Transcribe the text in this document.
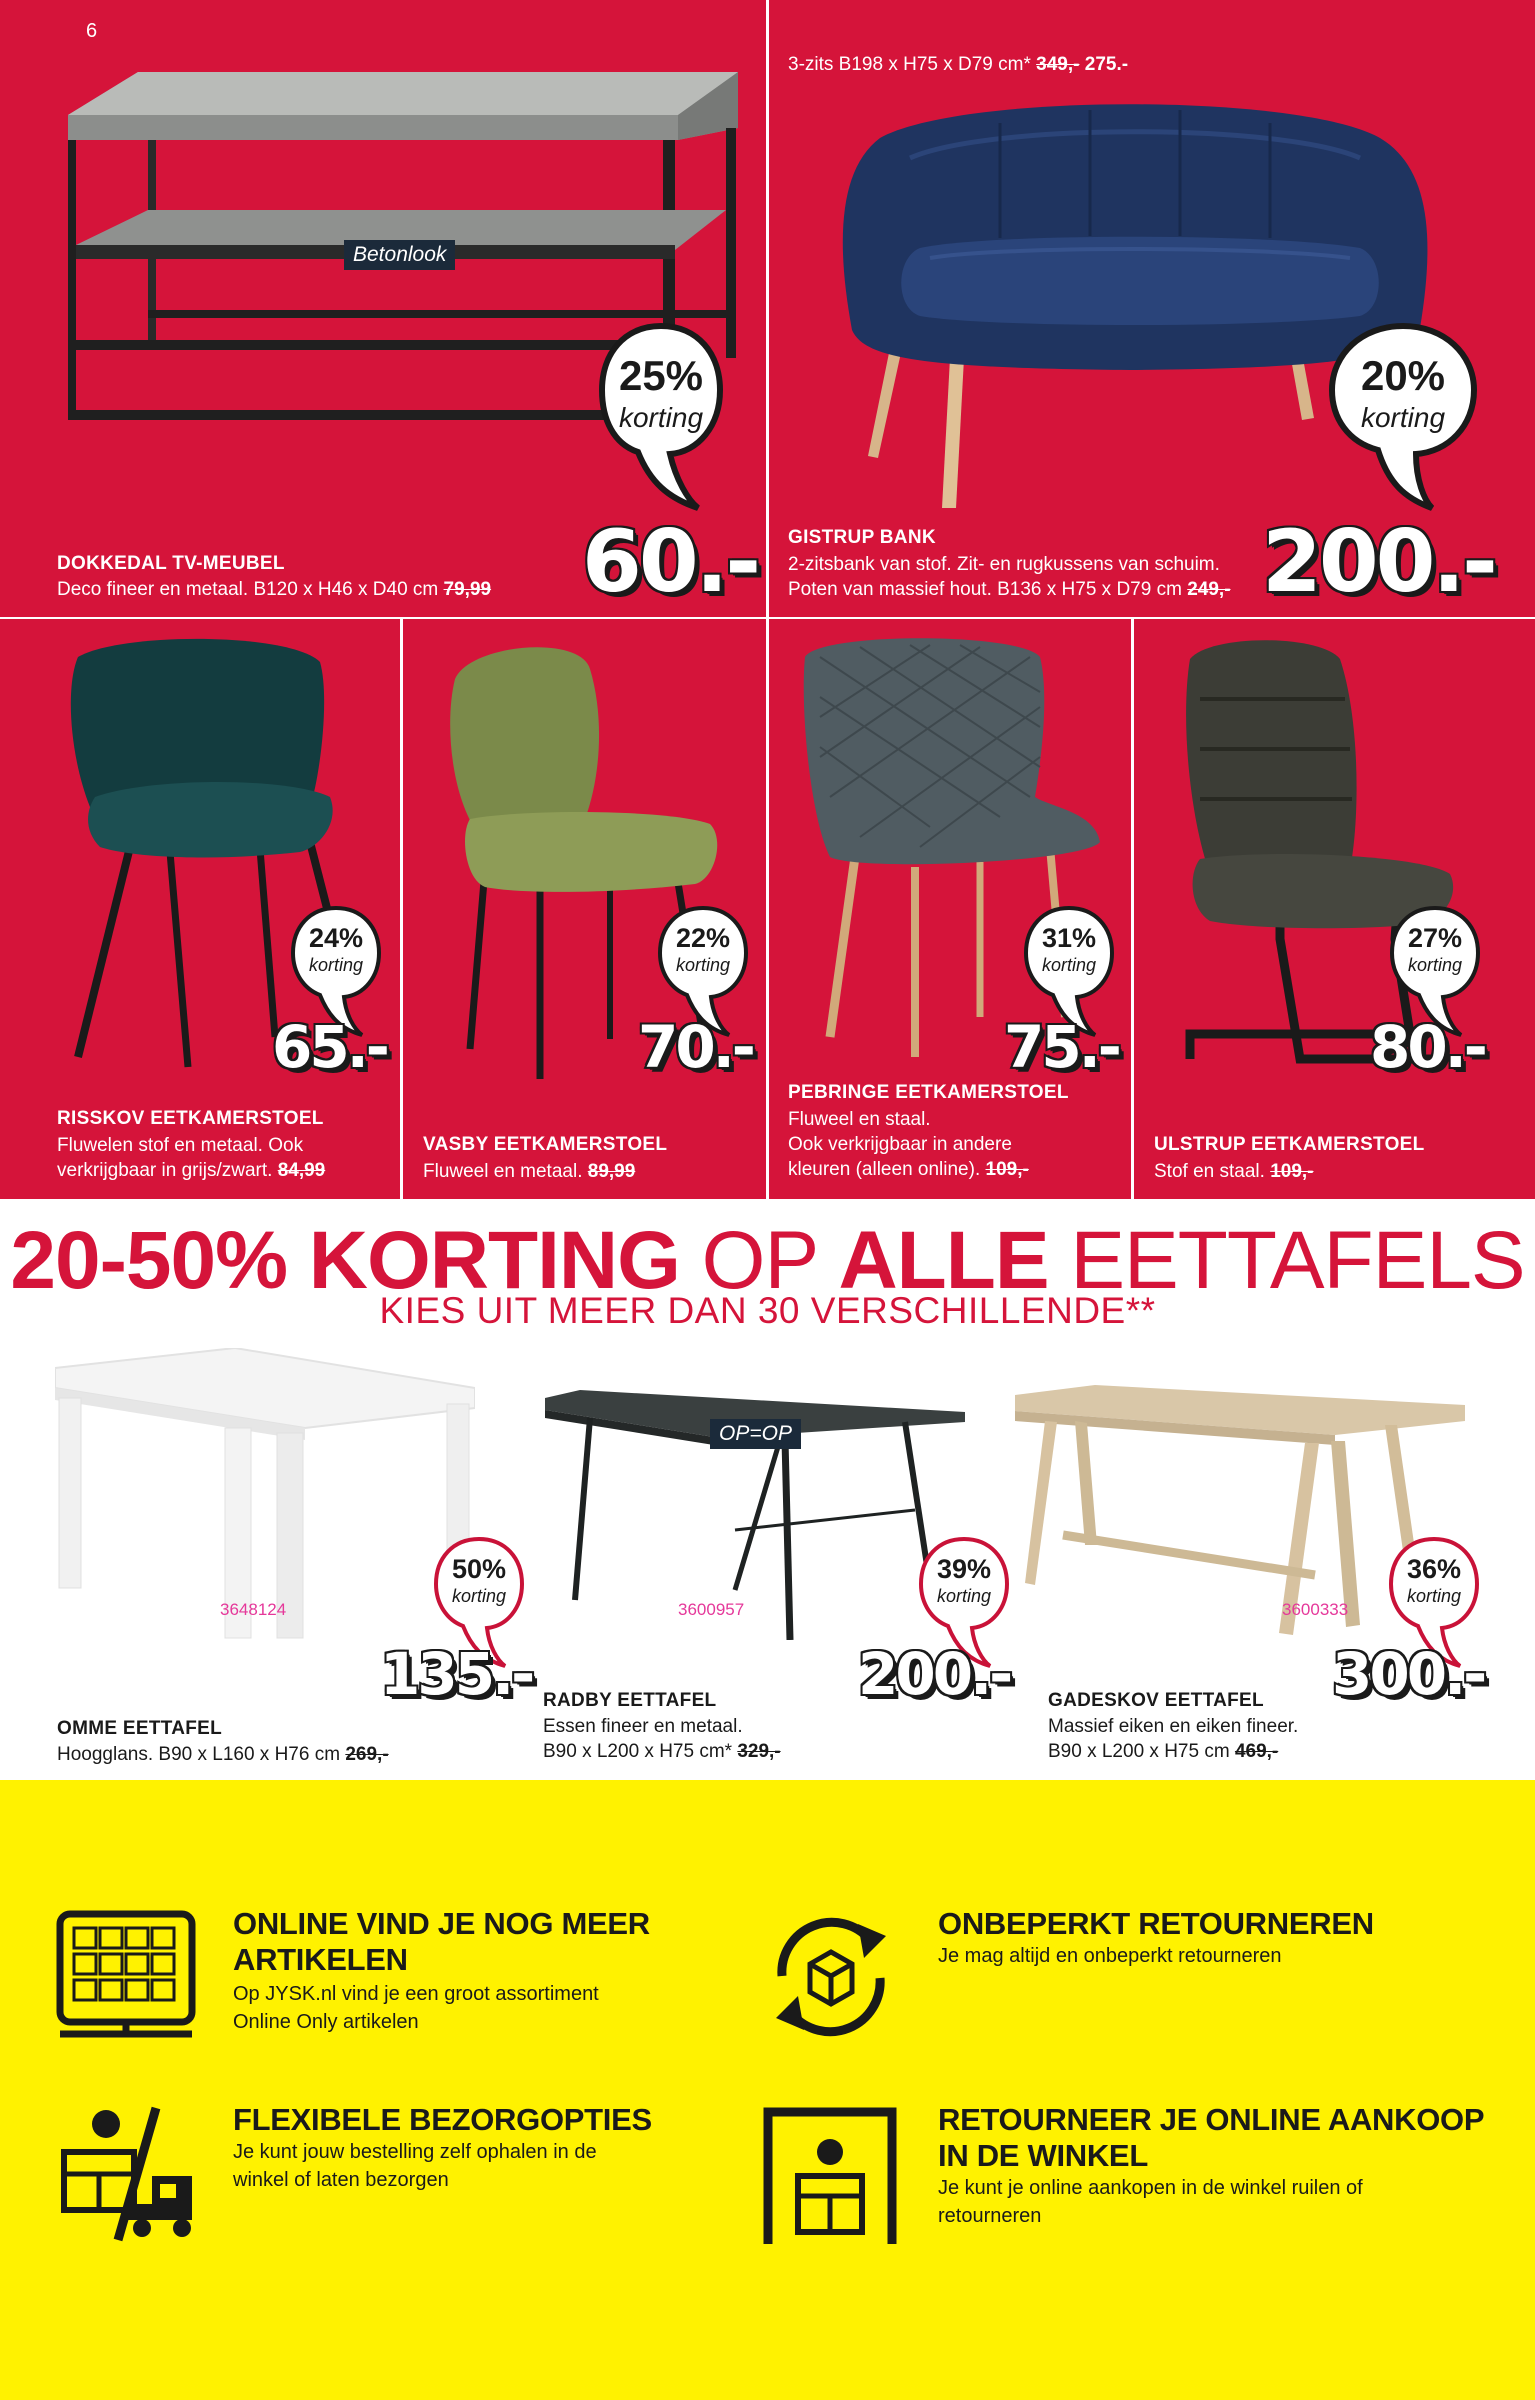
6
Betonlook
25%
korting
60.-
DOKKEDAL TV-MEUBEL
Deco fineer en metaal. B120 x H46 x D40 cm 79,99
3-zits B198 x H75 x D79 cm* 349,- 275.-
20%
korting
200.-
GISTRUP BANK
2-zitsbank van stof. Zit- en rugkussens van schuim.
Poten van massief hout. B136 x H75 x D79 cm 249,-
24%
korting
65.-
RISSKOV EETKAMERSTOEL
Fluwelen stof en metaal. Ook
verkrijgbaar in grijs/zwart. 84,99
22%
korting
70.-
VASBY EETKAMERSTOEL
Fluweel en metaal. 89,99
31%
korting
75.-
PEBRINGE EETKAMERSTOEL
Fluweel en staal.
Ook verkrijgbaar in andere
kleuren (alleen online). 109,-
27%
korting
80.-
ULSTRUP EETKAMERSTOEL
Stof en staal. 109,-
20-50% KORTING OP ALLE EETTAFELS
KIES UIT MEER DAN 30 VERSCHILLENDE**
50%
korting
3648124
135.-
OMME EETTAFEL
Hoogglans. B90 x L160 x H76 cm 269,-
OP=OP
39%
korting
3600957
200.-
RADBY EETTAFEL
Essen fineer en metaal.
B90 x L200 x H75 cm* 329,-
36%
korting
3600333
300.-
GADESKOV EETTAFEL
Massief eiken en eiken fineer.
B90 x L200 x H75 cm 469,-
ONLINE VIND JE NOG MEER
ARTIKELEN
Op JYSK.nl vind je een groot assortiment
Online Only artikelen
ONBEPERKT RETOURNEREN
Je mag altijd en onbeperkt retourneren
FLEXIBELE BEZORGOPTIES
Je kunt jouw bestelling zelf ophalen in de
winkel of laten bezorgen
RETOURNEER JE ONLINE AANKOOP
IN DE WINKEL
Je kunt je online aankopen in de winkel ruilen of
retourneren
